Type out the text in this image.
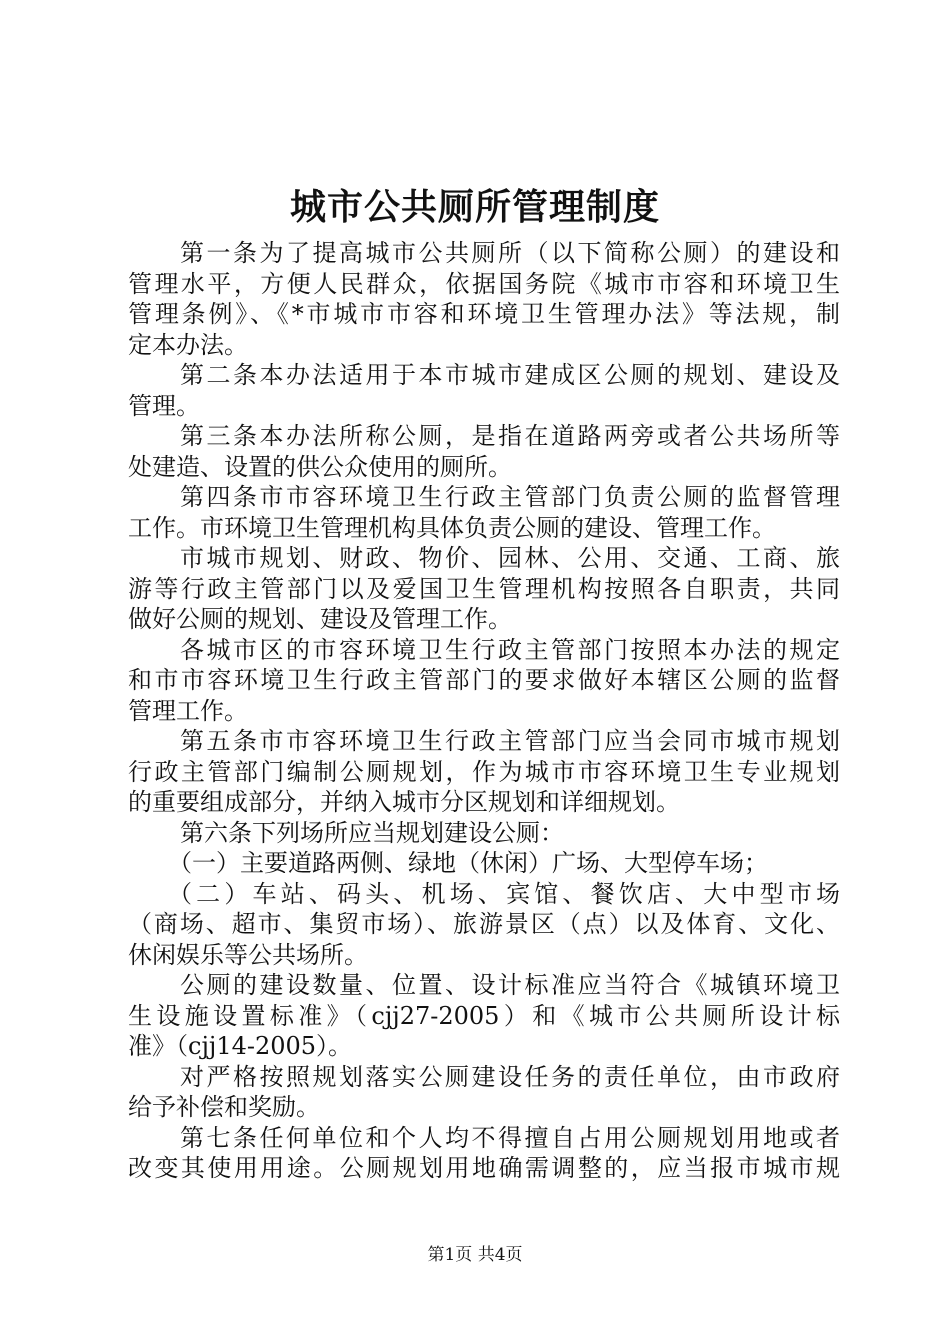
城市公共厕所管理制度
第一条为了提高城市公共厕所（以下简称公厕）的建设和
管理水平，方便人民群众，依据国务院《城市市容和环境卫生
管理条例》、《*市城市市容和环境卫生管理办法》等法规，制
定本办法。
第二条本办法适用于本市城市建成区公厕的规划、建设及
管理。
第三条本办法所称公厕，是指在道路两旁或者公共场所等
处建造、设置的供公众使用的厕所。
第四条市市容环境卫生行政主管部门负责公厕的监督管理
工作。市环境卫生管理机构具体负责公厕的建设、管理工作。
市城市规划、财政、物价、园林、公用、交通、工商、旅
游等行政主管部门以及爱国卫生管理机构按照各自职责，共同
做好公厕的规划、建设及管理工作。
各城市区的市容环境卫生行政主管部门按照本办法的规定
和市市容环境卫生行政主管部门的要求做好本辖区公厕的监督
管理工作。
第五条市市容环境卫生行政主管部门应当会同市城市规划
行政主管部门编制公厕规划，作为城市市容环境卫生专业规划
的重要组成部分，并纳入城市分区规划和详细规划。
第六条下列场所应当规划建设公厕：
（一）主要道路两侧、绿地（休闲）广场、大型停车场；
（二）车站、码头、机场、宾馆、餐饮店、大中型市场
（商场、超市、集贸市场）、旅游景区（点）以及体育、文化、
休闲娱乐等公共场所。
公厕的建设数量、位置、设计标准应当符合《城镇环境卫
生设施设置标准》（cjj27-2005）和《城市公共厕所设计标
准》（cjj14-2005）。
对严格按照规划落实公厕建设任务的责任单位，由市政府
给予补偿和奖励。
第七条任何单位和个人均不得擅自占用公厕规划用地或者
改变其使用用途。公厕规划用地确需调整的，应当报市城市规
第1页 共4页
